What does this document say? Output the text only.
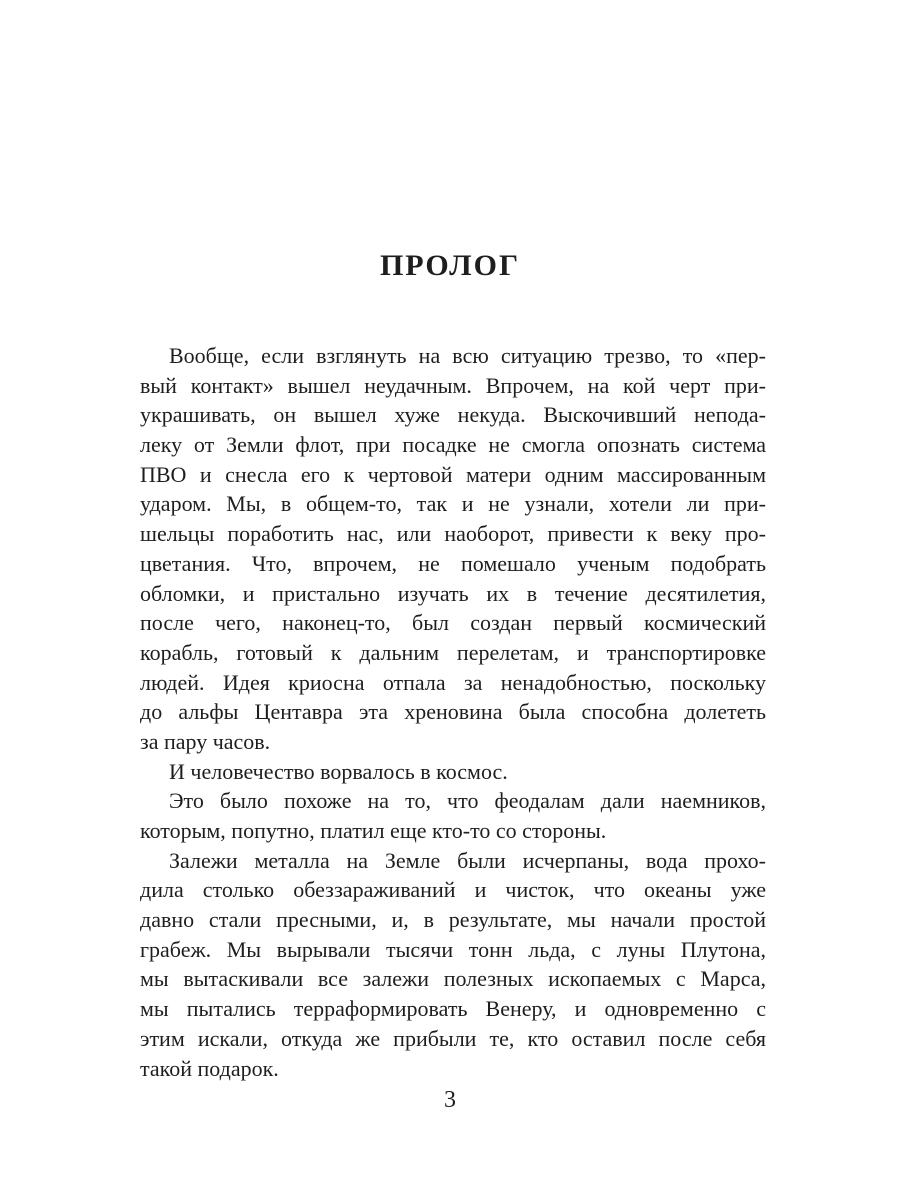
ПРОЛОГ
Вообще, если взглянуть на всю ситуацию трезво, то «пер-
вый контакт» вышел неудачным. Впрочем, на кой черт при-
украшивать, он вышел хуже некуда. Выскочивший непода-
леку от Земли флот, при посадке не смогла опознать система
ПВО и снесла его к чертовой матери одним массированным
ударом. Мы, в общем-то, так и не узнали, хотели ли при-
шельцы поработить нас, или наоборот, привести к веку про-
цветания. Что, впрочем, не помешало ученым подобрать
обломки, и пристально изучать их в течение десятилетия,
после чего, наконец-то, был создан первый космический
корабль, готовый к дальним перелетам, и транспортировке
людей. Идея криосна отпала за ненадобностью, поскольку
до альфы Центавра эта хреновина была способна долететь
за пару часов.
И человечество ворвалось в космос.
Это было похоже на то, что феодалам дали наемников,
которым, попутно, платил еще кто-то со стороны.
Залежи металла на Земле были исчерпаны, вода прохо-
дила столько обеззараживаний и чисток, что океаны уже
давно стали пресными, и, в результате, мы начали простой
грабеж. Мы вырывали тысячи тонн льда, с луны Плутона,
мы вытаскивали все залежи полезных ископаемых с Марса,
мы пытались терраформировать Венеру, и одновременно с
этим искали, откуда же прибыли те, кто оставил после себя
такой подарок.
3
